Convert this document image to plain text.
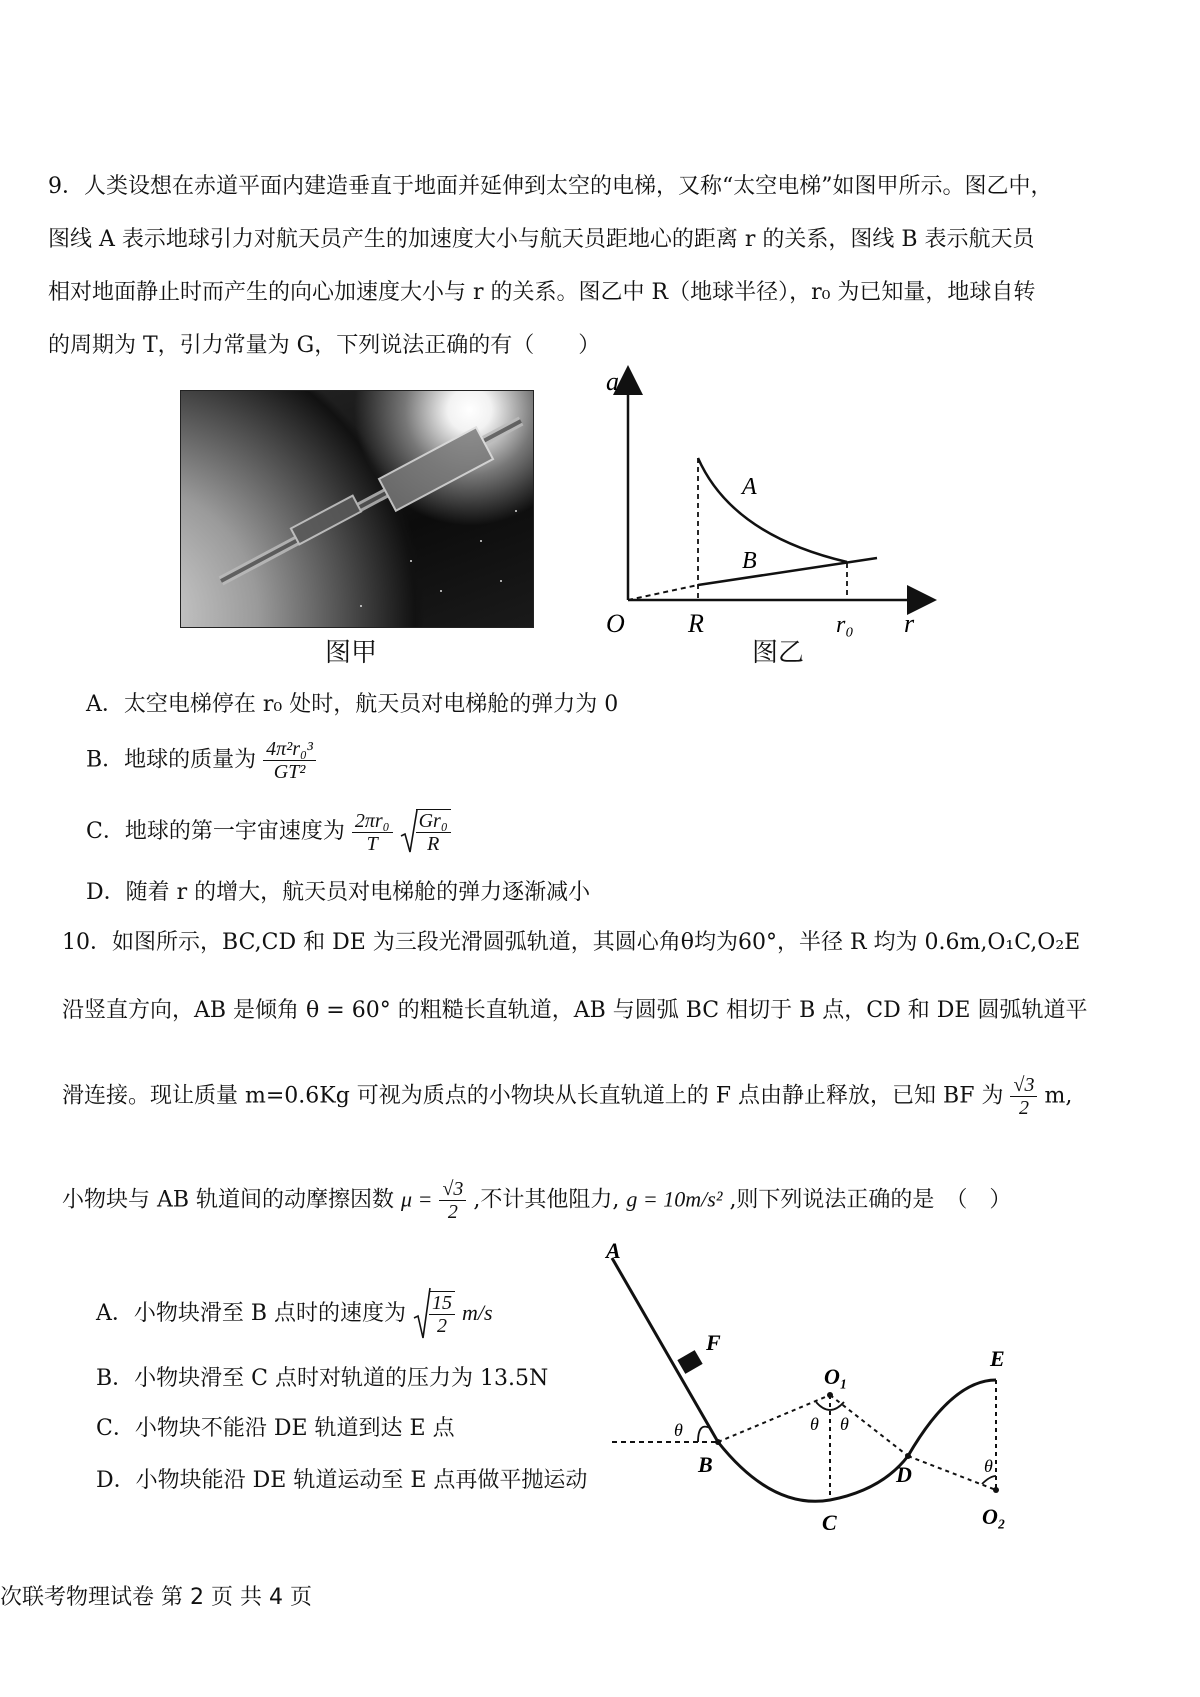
9．人类设想在赤道平面内建造垂直于地面并延伸到太空的电梯，又称“太空电梯”如图甲所示。图乙中，
图线 A 表示地球引力对航天员产生的加速度大小与航天员距地心的距离 r 的关系，图线 B 表示航天员
相对地面静止时而产生的向心加速度大小与 r 的关系。图乙中 R（地球半径），r₀ 为已知量，地球自转
的周期为 T，引力常量为 G，下列说法正确的有（　　）
图甲
a
O R	r₀ r
A
B
图乙
A．太空电梯停在 r₀ 处时，航天员对电梯舱的弹力为 0
B．地球的质量为 $\frac{\text{4π²r₀³}}{\text{GT²}}$
C．地球的第一宇宙速度为 $\frac{\text{2πr₀}}{T}$
$\frac{\text{Gr₀}}{R}$
D．随着 r 的增大，航天员对电梯舱的弹力逐渐减小
10．如图所示，BC,CD 和 DE 为三段光滑圆弧轨道，其圆心角θ均为60°，半径 R 均为 0.6m,O₁C,O₂E
沿竖直方向，AB 是倾角 θ = 60° 的粗糙长直轨道，AB 与圆弧 BC 相切于 B 点，CD 和 DE 圆弧轨道平
滑连接。现让质量 m=0.6Kg 可视为质点的小物块从长直轨道上的 F 点由静止释放，已知 BF 为 $\frac{√3}{2} m$,
小物块与 AB 轨道间的动摩擦因数 $\mu = \frac{√3}{2}$ ,不计其他阻力, g = 10m/s² ,则下列说法正确的是　（　）
A．小物块滑至 B 点时的速度为 $\frac{15}{2} m/s$
B．小物块滑至 C 点时对轨道的压力为 13.5N
C．小物块不能沿 DE 轨道到达 E 点
D．小物块能沿 DE 轨道运动至 E 点再做平抛运动
A
F
B
C
D
E
O₁
O₂
θ	θ θ
θ
次联考物理试卷 第 2 页 共 4 页
